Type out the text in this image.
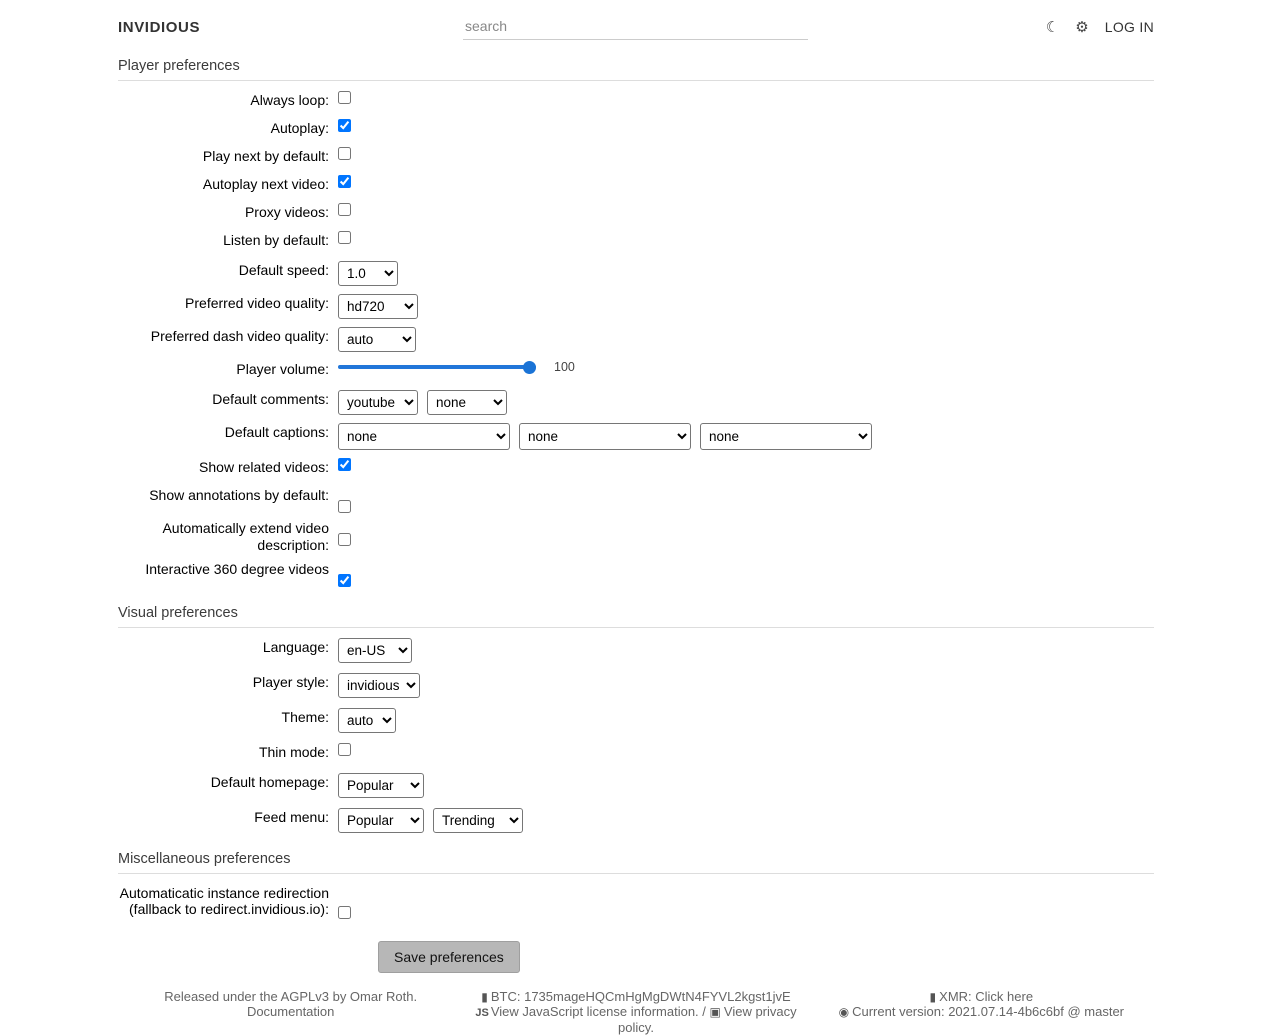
INVIDIOUS
search	☾ ⚙ LOG IN
Player preferences
Always loop:
Autoplay:
Play next by default:
Autoplay next video:
Proxy videos:
Listen by default:
Default speed:
1.0
Preferred video quality:
hd720
Preferred dash video quality:
auto
Player volume:	100
Default comments:
youtube
none
Default captions:
none
none
none
Show related videos:
Show annotations by default:
Automatically extend video description:
Interactive 360 degree videos
Visual preferences
Language:
en-US
Player style:
invidious
Theme:
auto
Thin mode:
Default homepage:
Popular
Feed menu:
Popular
Trending
Miscellaneous preferences
Automaticatic instance redirection (fallback to redirect.invidious.io):
Save preferences
Released under the AGPLv3 by Omar Roth.
Documentation
▮ BTC: 1735mageHQCmHgMgDWtN4FYVL2kgst1jvE
JS View JavaScript license information. / ▣ View privacy policy.
▮ XMR: Click here
◉ Current version: 2021.07.14-4b6c6bf @ master
